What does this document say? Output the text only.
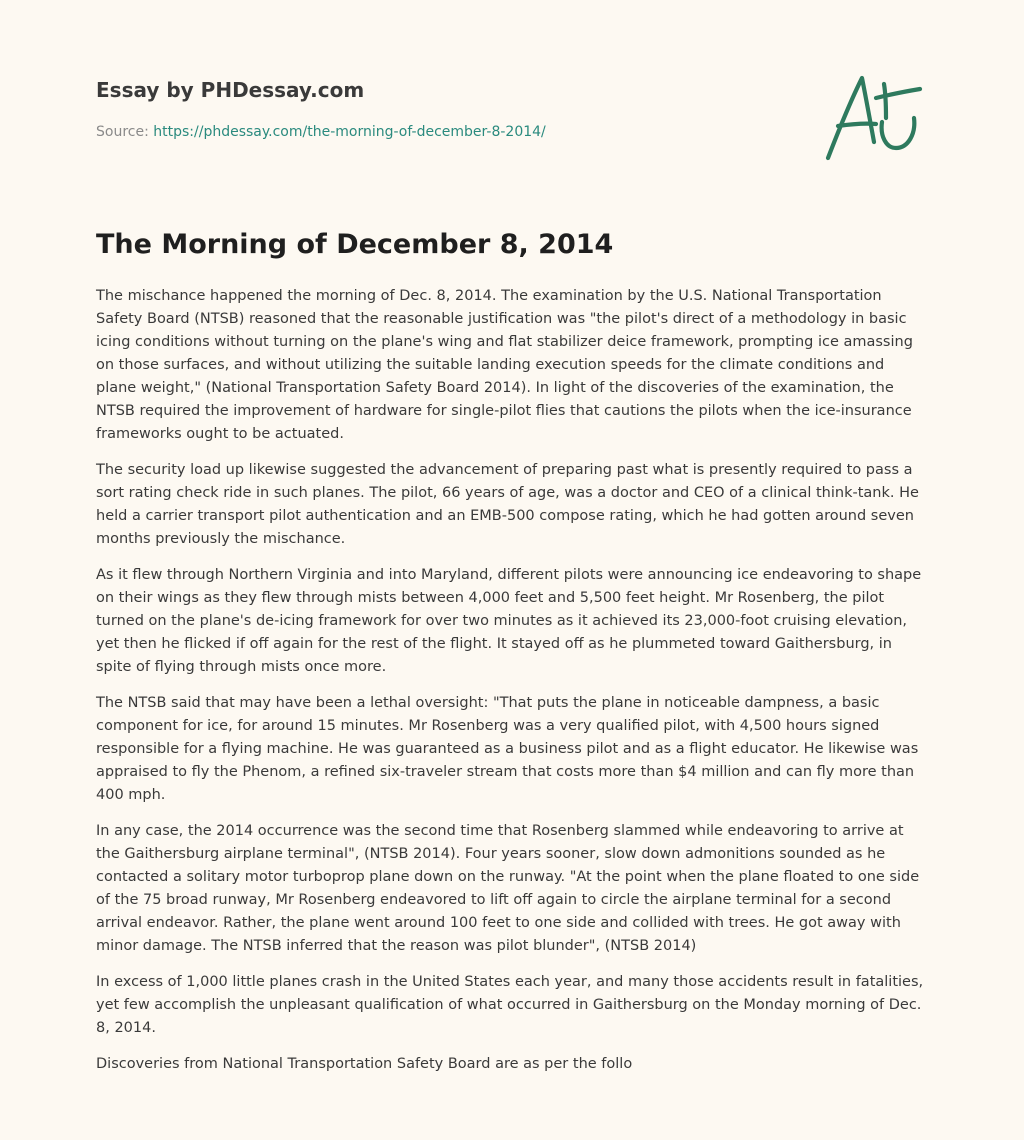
Essay by PHDessay.com
Source: https://phdessay.com/the-morning-of-december-8-2014/
The Morning of December 8, 2014

The mischance happened the morning of Dec. 8, 2014. The examination by the U.S. National Transportation Safety Board (NTSB) reasoned that the reasonable justification was "the pilot's direct of a methodology in basic icing conditions without turning on the plane's wing and flat stabilizer deice framework, prompting ice amassing on those surfaces, and without utilizing the suitable landing execution speeds for the climate conditions and plane weight," (National Transportation Safety Board 2014). In light of the discoveries of the examination, the NTSB required the improvement of hardware for single-pilot flies that cautions the pilots when the ice-insurance frameworks ought to be actuated.

The security load up likewise suggested the advancement of preparing past what is presently required to pass a sort rating check ride in such planes. The pilot, 66 years of age, was a doctor and CEO of a clinical think-tank. He held a carrier transport pilot authentication and an EMB-500 compose rating, which he had gotten around seven months previously the mischance.

As it flew through Northern Virginia and into Maryland, different pilots were announcing ice endeavoring to shape on their wings as they flew through mists between 4,000 feet and 5,500 feet height. Mr Rosenberg, the pilot turned on the plane's de-icing framework for over two minutes as it achieved its 23,000-foot cruising elevation, yet then he flicked if off again for the rest of the flight. It stayed off as he plummeted toward Gaithersburg, in spite of flying through mists once more.

The NTSB said that may have been a lethal oversight: "That puts the plane in noticeable dampness, a basic component for ice, for around 15 minutes. Mr Rosenberg was a very qualified pilot, with 4,500 hours signed responsible for a flying machine. He was guaranteed as a business pilot and as a flight educator. He likewise was appraised to fly the Phenom, a refined six-traveler stream that costs more than $4 million and can fly more than 400 mph.

In any case, the 2014 occurrence was the second time that Rosenberg slammed while endeavoring to arrive at the Gaithersburg airplane terminal", (NTSB 2014). Four years sooner, slow down admonitions sounded as he contacted a solitary motor turboprop plane down on the runway. "At the point when the plane floated to one side of the 75 broad runway, Mr Rosenberg endeavored to lift off again to circle the airplane terminal for a second arrival endeavor. Rather, the plane went around 100 feet to one side and collided with trees. He got away with minor damage. The NTSB inferred that the reason was pilot blunder", (NTSB 2014)

In excess of 1,000 little planes crash in the United States each year, and many those accidents result in fatalities, yet few accomplish the unpleasant qualification of what occurred in Gaithersburg on the Monday morning of Dec. 8, 2014.

Discoveries from National Transportation Safety Board are as per the follo
